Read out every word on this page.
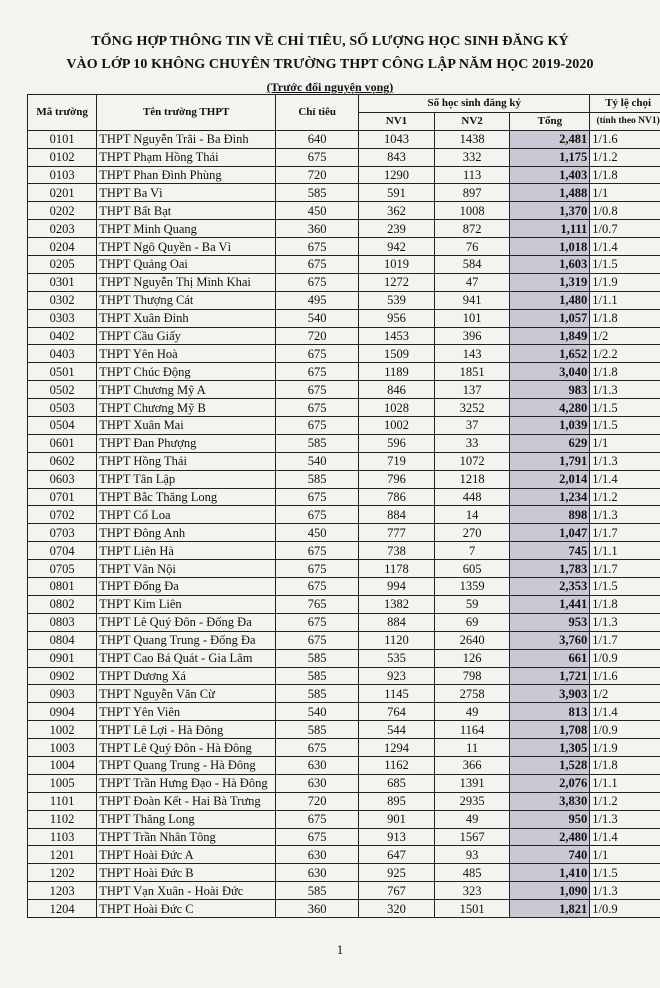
TỔNG HỢP THÔNG TIN VỀ CHỈ TIÊU, SỐ LƯỢNG HỌC SINH ĐĂNG KÝ
VÀO LỚP 10 KHÔNG CHUYÊN TRƯỜNG THPT CÔNG LẬP NĂM HỌC 2019-2020
(Trước đổi nguyện vọng)
Mã trường	Tên trường THPT	Chỉ tiêu	Số học sinh đăng ký			Tỷ lệ chọi
			NV1	NV2	Tổng	(tính theo NV1)
0101	THPT Nguyễn Trãi - Ba Đình	640	1043	1438	2,481	1/1.6
0102	THPT Phạm Hồng Thái	675	843	332	1,175	1/1.2
0103	THPT Phan Đình Phùng	720	1290	113	1,403	1/1.8
0201	THPT Ba Vì	585	591	897	1,488	1/1
0202	THPT Bất Bạt	450	362	1008	1,370	1/0.8
0203	THPT Minh Quang	360	239	872	1,111	1/0.7
0204	THPT Ngô Quyền - Ba Vì	675	942	76	1,018	1/1.4
0205	THPT Quảng Oai	675	1019	584	1,603	1/1.5
0301	THPT Nguyễn Thị Minh Khai	675	1272	47	1,319	1/1.9
0302	THPT Thượng Cát	495	539	941	1,480	1/1.1
0303	THPT Xuân Đỉnh	540	956	101	1,057	1/1.8
0402	THPT Cầu Giấy	720	1453	396	1,849	1/2
0403	THPT Yên Hoà	675	1509	143	1,652	1/2.2
0501	THPT Chúc Động	675	1189	1851	3,040	1/1.8
0502	THPT Chương Mỹ A	675	846	137	983	1/1.3
0503	THPT Chương Mỹ B	675	1028	3252	4,280	1/1.5
0504	THPT Xuân Mai	675	1002	37	1,039	1/1.5
0601	THPT Đan Phượng	585	596	33	629	1/1
0602	THPT Hồng Thái	540	719	1072	1,791	1/1.3
0603	THPT Tân Lập	585	796	1218	2,014	1/1.4
0701	THPT Bắc Thăng Long	675	786	448	1,234	1/1.2
0702	THPT Cổ Loa	675	884	14	898	1/1.3
0703	THPT Đông Anh	450	777	270	1,047	1/1.7
0704	THPT Liên Hà	675	738	7	745	1/1.1
0705	THPT Vân Nội	675	1178	605	1,783	1/1.7
0801	THPT Đống Đa	675	994	1359	2,353	1/1.5
0802	THPT Kim Liên	765	1382	59	1,441	1/1.8
0803	THPT Lê Quý Đôn - Đống Đa	675	884	69	953	1/1.3
0804	THPT Quang Trung - Đống Đa	675	1120	2640	3,760	1/1.7
0901	THPT Cao Bá Quát - Gia Lâm	585	535	126	661	1/0.9
0902	THPT Dương Xá	585	923	798	1,721	1/1.6
0903	THPT Nguyễn Văn Cừ	585	1145	2758	3,903	1/2
0904	THPT Yên Viên	540	764	49	813	1/1.4
1002	THPT Lê Lợi - Hà Đông	585	544	1164	1,708	1/0.9
1003	THPT Lê Quý Đôn - Hà Đông	675	1294	11	1,305	1/1.9
1004	THPT Quang Trung - Hà Đông	630	1162	366	1,528	1/1.8
1005	THPT Trần Hưng Đạo - Hà Đông	630	685	1391	2,076	1/1.1
1101	THPT Đoàn Kết - Hai Bà Trưng	720	895	2935	3,830	1/1.2
1102	THPT Thăng Long	675	901	49	950	1/1.3
1103	THPT Trần Nhân Tông	675	913	1567	2,480	1/1.4
1201	THPT Hoài Đức A	630	647	93	740	1/1
1202	THPT Hoài Đức B	630	925	485	1,410	1/1.5
1203	THPT Vạn Xuân - Hoài Đức	585	767	323	1,090	1/1.3
1204	THPT Hoài Đức C	360	320	1501	1,821	1/0.9
1
